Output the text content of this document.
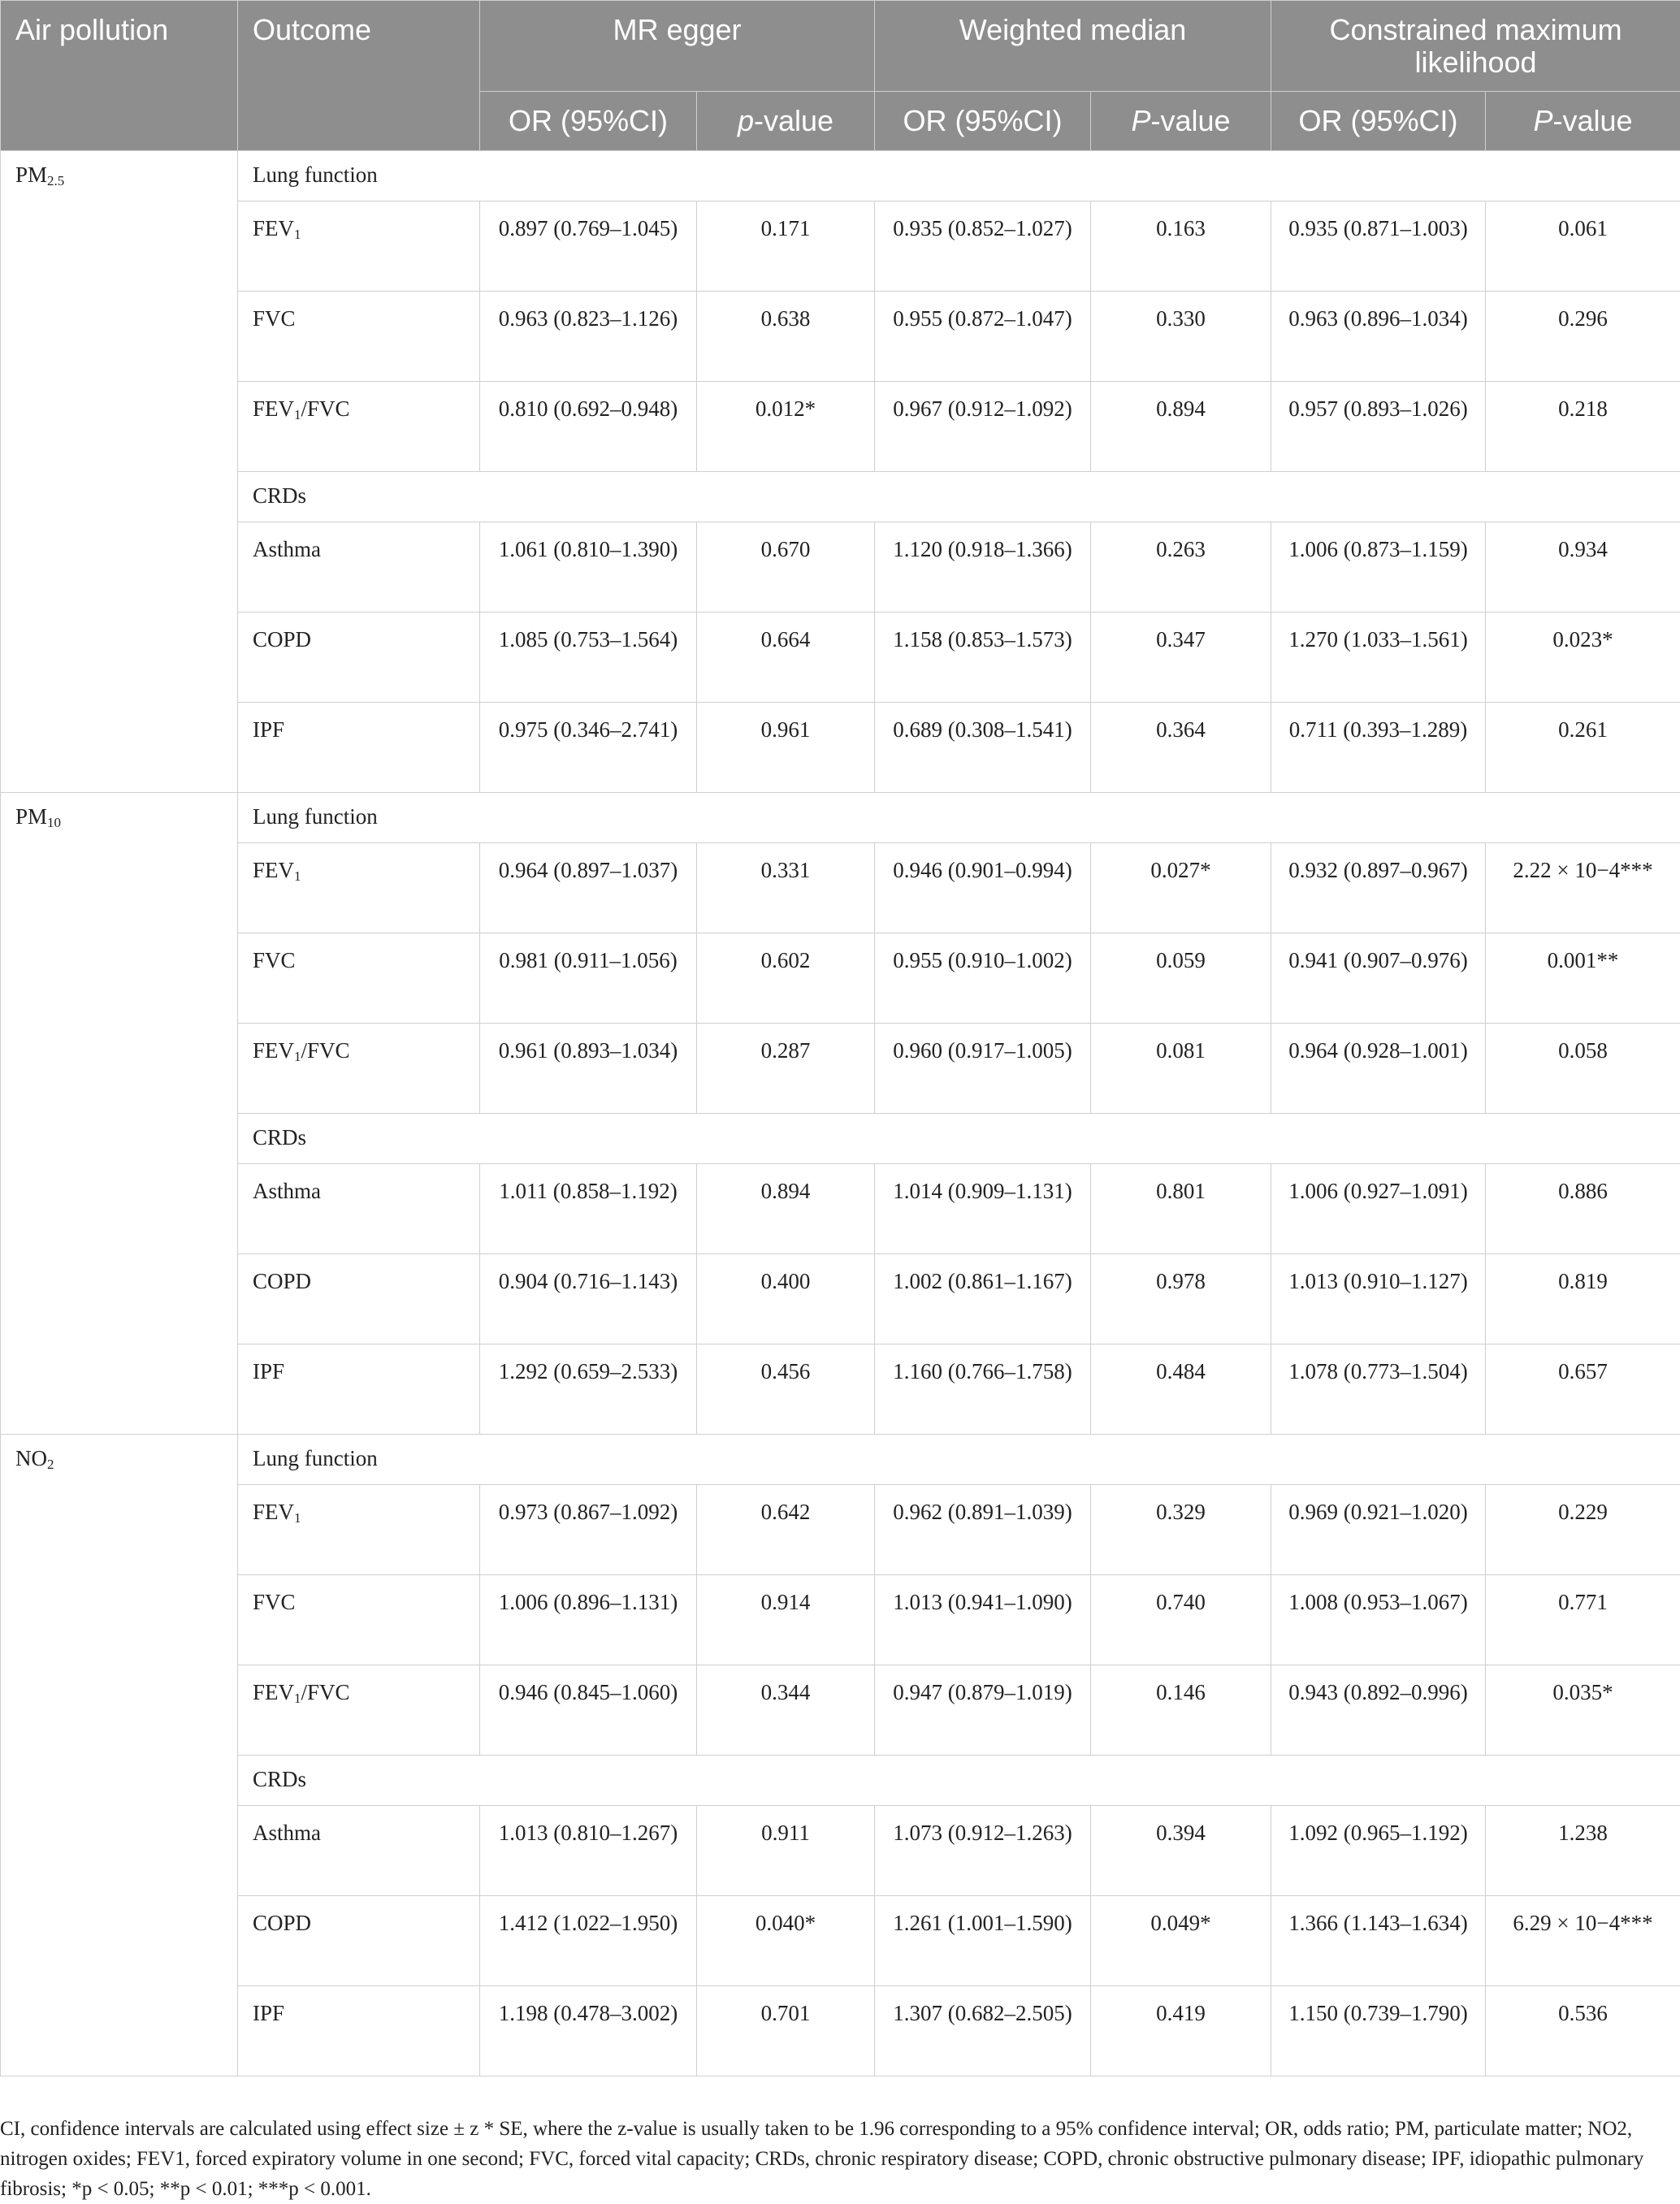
Air pollution	Outcome	MR egger		Weighted median		Constrained maximum likelihood	
		OR (95%CI)	p-value	OR (95%CI)	P-value	OR (95%CI)	P-value
$PM_{2.5}$	Lung function						
	$FEV_1$	0.897 (0.769–1.045)	0.171	0.935 (0.852–1.027)	0.163	0.935 (0.871–1.003)	0.061
	FVC	0.963 (0.823–1.126)	0.638	0.955 (0.872–1.047)	0.330	0.963 (0.896–1.034)	0.296
	$FEV_1$/FVC	0.810 (0.692–0.948)	0.012*	0.967 (0.912–1.092)	0.894	0.957 (0.893–1.026)	0.218
	CRDs						
	Asthma	1.061 (0.810–1.390)	0.670	1.120 (0.918–1.366)	0.263	1.006 (0.873–1.159)	0.934
	COPD	1.085 (0.753–1.564)	0.664	1.158 (0.853–1.573)	0.347	1.270 (1.033–1.561)	0.023*
	IPF	0.975 (0.346–2.741)	0.961	0.689 (0.308–1.541)	0.364	0.711 (0.393–1.289)	0.261
$PM_{10}$	Lung function						
	$FEV_1$	0.964 (0.897–1.037)	0.331	0.946 (0.901–0.994)	0.027*	0.932 (0.897–0.967)	2.22 × 10−4***
	FVC	0.981 (0.911–1.056)	0.602	0.955 (0.910–1.002)	0.059	0.941 (0.907–0.976)	0.001**
	$FEV_1$/FVC	0.961 (0.893–1.034)	0.287	0.960 (0.917–1.005)	0.081	0.964 (0.928–1.001)	0.058
	CRDs						
	Asthma	1.011 (0.858–1.192)	0.894	1.014 (0.909–1.131)	0.801	1.006 (0.927–1.091)	0.886
	COPD	0.904 (0.716–1.143)	0.400	1.002 (0.861–1.167)	0.978	1.013 (0.910–1.127)	0.819
	IPF	1.292 (0.659–2.533)	0.456	1.160 (0.766–1.758)	0.484	1.078 (0.773–1.504)	0.657
$NO_2$	Lung function						
	$FEV_1$	0.973 (0.867–1.092)	0.642	0.962 (0.891–1.039)	0.329	0.969 (0.921–1.020)	0.229
	FVC	1.006 (0.896–1.131)	0.914	1.013 (0.941–1.090)	0.740	1.008 (0.953–1.067)	0.771
	$FEV_1$/FVC	0.946 (0.845–1.060)	0.344	0.947 (0.879–1.019)	0.146	0.943 (0.892–0.996)	0.035*
	CRDs						
	Asthma	1.013 (0.810–1.267)	0.911	1.073 (0.912–1.263)	0.394	1.092 (0.965–1.192)	1.238
	COPD	1.412 (1.022–1.950)	0.040*	1.261 (1.001–1.590)	0.049*	1.366 (1.143–1.634)	6.29 × 10−4***
	IPF	1.198 (0.478–3.002)	0.701	1.307 (0.682–2.505)	0.419	1.150 (0.739–1.790)	0.536

CI, confidence intervals are calculated using effect size ± z * SE, where the z-value is usually taken to be 1.96 corresponding to a 95% confidence interval; OR, odds ratio; PM, particulate matter; NO2, nitrogen oxides; FEV1, forced expiratory volume in one second; FVC, forced vital capacity; CRDs, chronic respiratory disease; COPD, chronic obstructive pulmonary disease; IPF, idiopathic pulmonary fibrosis; *p < 0.05; **p < 0.01; ***p < 0.001.
